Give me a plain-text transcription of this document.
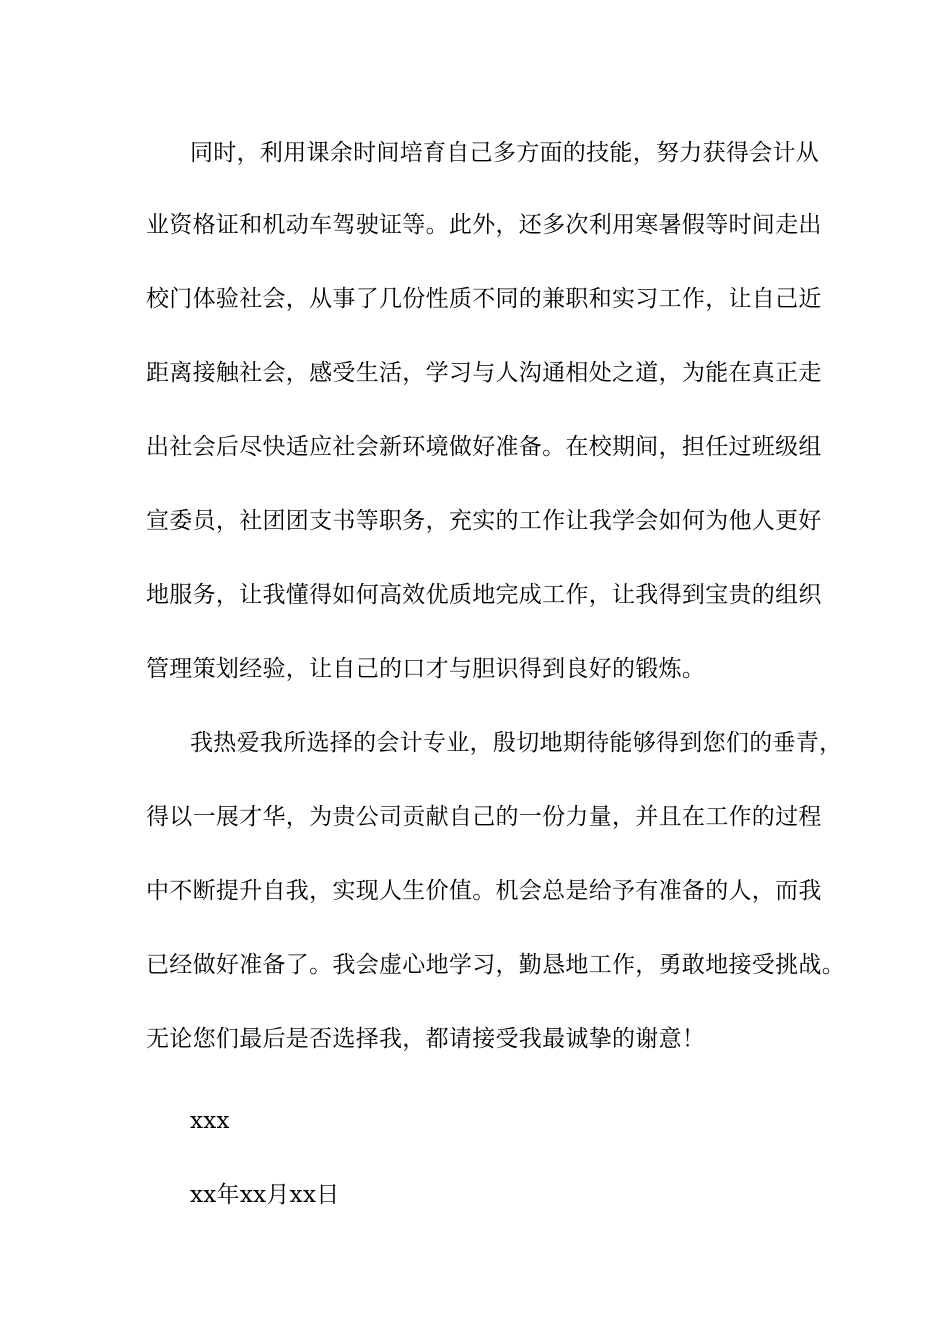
同时，利用课余时间培育自己多方面的技能，努力获得会计从
业资格证和机动车驾驶证等。此外，还多次利用寒暑假等时间走出
校门体验社会，从事了几份性质不同的兼职和实习工作，让自己近
距离接触社会，感受生活，学习与人沟通相处之道，为能在真正走
出社会后尽快适应社会新环境做好准备。在校期间，担任过班级组
宣委员，社团团支书等职务，充实的工作让我学会如何为他人更好
地服务，让我懂得如何高效优质地完成工作，让我得到宝贵的组织
管理策划经验，让自己的口才与胆识得到良好的锻炼。
我热爱我所选择的会计专业，殷切地期待能够得到您们的垂青，
得以一展才华，为贵公司贡献自己的一份力量，并且在工作的过程
中不断提升自我，实现人生价值。机会总是给予有准备的人，而我
已经做好准备了。我会虚心地学习，勤恳地工作，勇敢地接受挑战。
无论您们最后是否选择我，都请接受我最诚挚的谢意！
xxx
xx年xx月xx日
